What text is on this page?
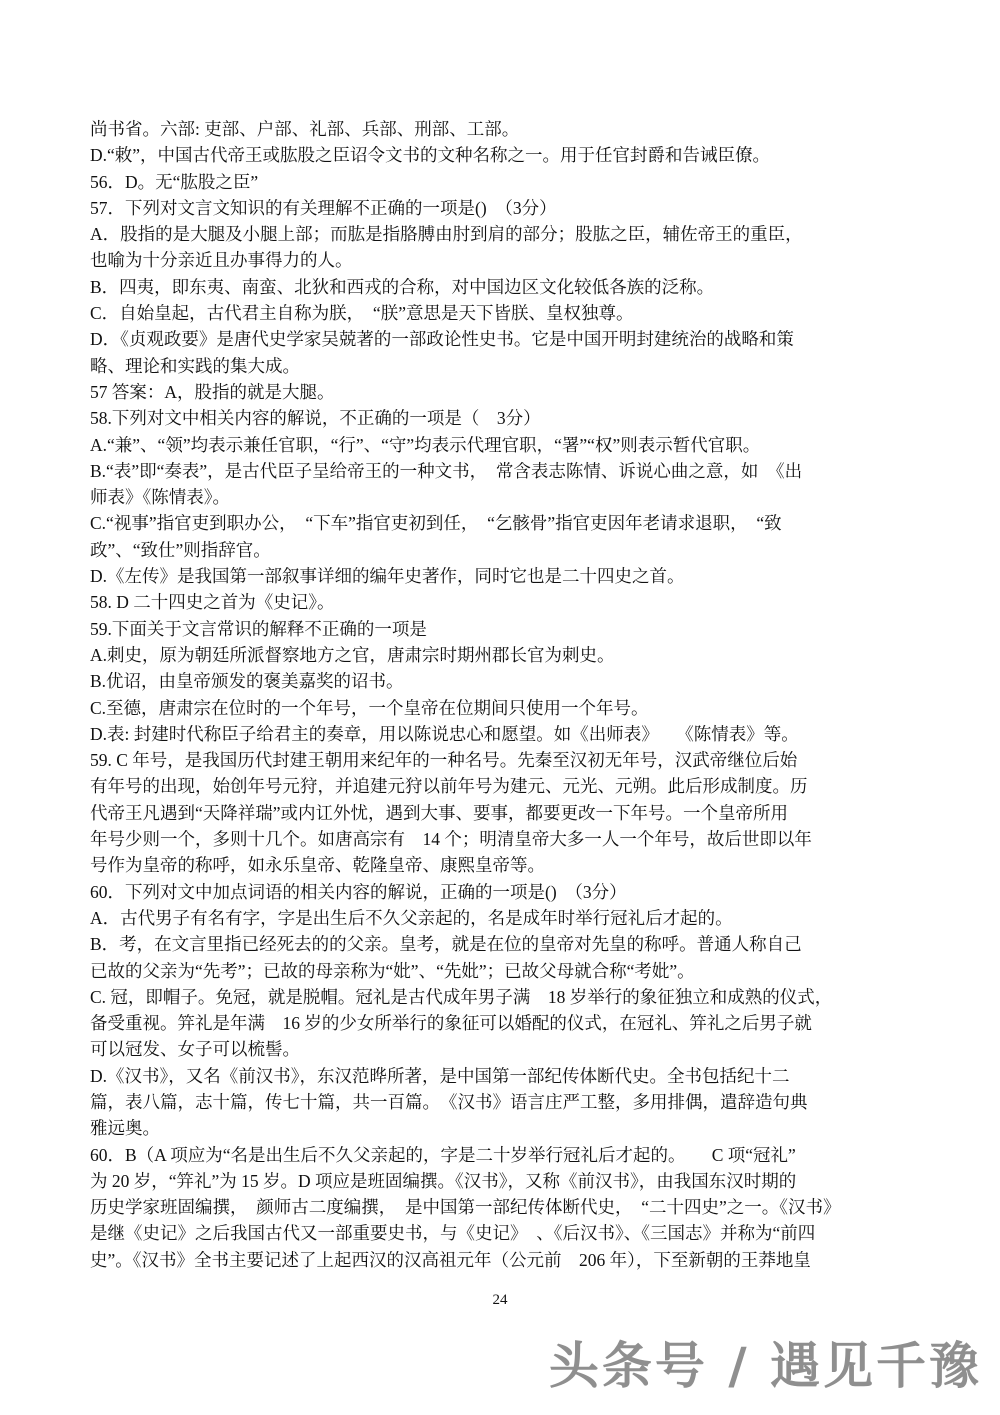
尚书省。六部: 吏部、户部、礼部、兵部、刑部、工部。
D.“敕”，中国古代帝王或肱股之臣诏令文书的文种名称之一。用于任官封爵和告诫臣僚。
56．D。无“肱股之臣”
57．下列对文言文知识的有关理解不正确的一项是()　（3分）
A．股指的是大腿及小腿上部；而肱是指胳膊由肘到肩的部分；股肱之臣，辅佐帝王的重臣，
也喻为十分亲近且办事得力的人。
B．四夷，即东夷、南蛮、北狄和西戎的合称，对中国边区文化较低各族的泛称。
C．自始皇起，古代君主自称为朕，　“朕”意思是天下皆朕、皇权独尊。
D．《贞观政要》是唐代史学家吴兢著的一部政论性史书。它是中国开明封建统治的战略和策
略、理论和实践的集大成。
57 答案：A，股指的就是大腿。
58.下列对文中相关内容的解说，不正确的一项是（　3分）
A.“兼”、“领”均表示兼任官职，“行”、“守”均表示代理官职，“署”“权”则表示暂代官职。
B.“表”即“奏表”，是古代臣子呈给帝王的一种文书，　常含表志陈情、诉说心曲之意，如　《出
师表》《陈情表》。
C.“视事”指官吏到职办公，　“下车”指官吏初到任，　“乞骸骨”指官吏因年老请求退职，　“致
政”、“致仕”则指辞官。
D.《左传》是我国第一部叙事详细的编年史著作，同时它也是二十四史之首。
58. D 二十四史之首为《史记》。
59.下面关于文言常识的解释不正确的一项是
A.刺史，原为朝廷所派督察地方之官，唐肃宗时期州郡长官为刺史。
B.优诏，由皇帝颁发的褒美嘉奖的诏书。
C.至德，唐肃宗在位时的一个年号，一个皇帝在位期间只使用一个年号。
D.表: 封建时代称臣子给君主的奏章，用以陈说忠心和愿望。如《出师表》　　《陈情表》等。
59. C 年号，是我国历代封建王朝用来纪年的一种名号。先秦至汉初无年号，汉武帝继位后始
有年号的出现，始创年号元狩，并追建元狩以前年号为建元、元光、元朔。此后形成制度。历
代帝王凡遇到“天降祥瑞”或内讧外忧，遇到大事、要事，都要更改一下年号。一个皇帝所用
年号少则一个，多则十几个。如唐高宗有　14 个；明清皇帝大多一人一个年号，故后世即以年
号作为皇帝的称呼，如永乐皇帝、乾隆皇帝、康熙皇帝等。
60．下列对文中加点词语的相关内容的解说，正确的一项是()　（3分）
A．古代男子有名有字，字是出生后不久父亲起的，名是成年时举行冠礼后才起的。
B．考，在文言里指已经死去的的父亲。皇考，就是在位的皇帝对先皇的称呼。普通人称自己
已故的父亲为“先考”；已故的母亲称为“妣”、“先妣”；已故父母就合称“考妣”。
C. 冠，即帽子。免冠，就是脱帽。冠礼是古代成年男子满　18 岁举行的象征独立和成熟的仪式，
备受重视。笄礼是年满　16 岁的少女所举行的象征可以婚配的仪式，在冠礼、笄礼之后男子就
可以冠发、女子可以梳髻。
D.《汉书》，又名《前汉书》，东汉范晔所著，是中国第一部纪传体断代史。全书包括纪十二
篇，表八篇，志十篇，传七十篇，共一百篇。　《汉书》语言庄严工整，多用排偶，遣辞造句典
雅远奥。
60．B（A 项应为“名是出生后不久父亲起的，字是二十岁举行冠礼后才起的。　　C 项“冠礼”
为 20 岁，“笄礼”为 15 岁。D 项应是班固编撰。《汉书》，又称《前汉书》，由我国东汉时期的
历史学家班固编撰，　颜师古二度编撰，　是中国第一部纪传体断代史，　“二十四史”之一。《汉书》
是继《史记》之后我国古代又一部重要史书，与《史记》　、《后汉书》、《三国志》并称为“前四
史”。《汉书》全书主要记述了上起西汉的汉高祖元年（公元前　206 年），下至新朝的王莽地皇
24
头条号 / 遇见千豫
